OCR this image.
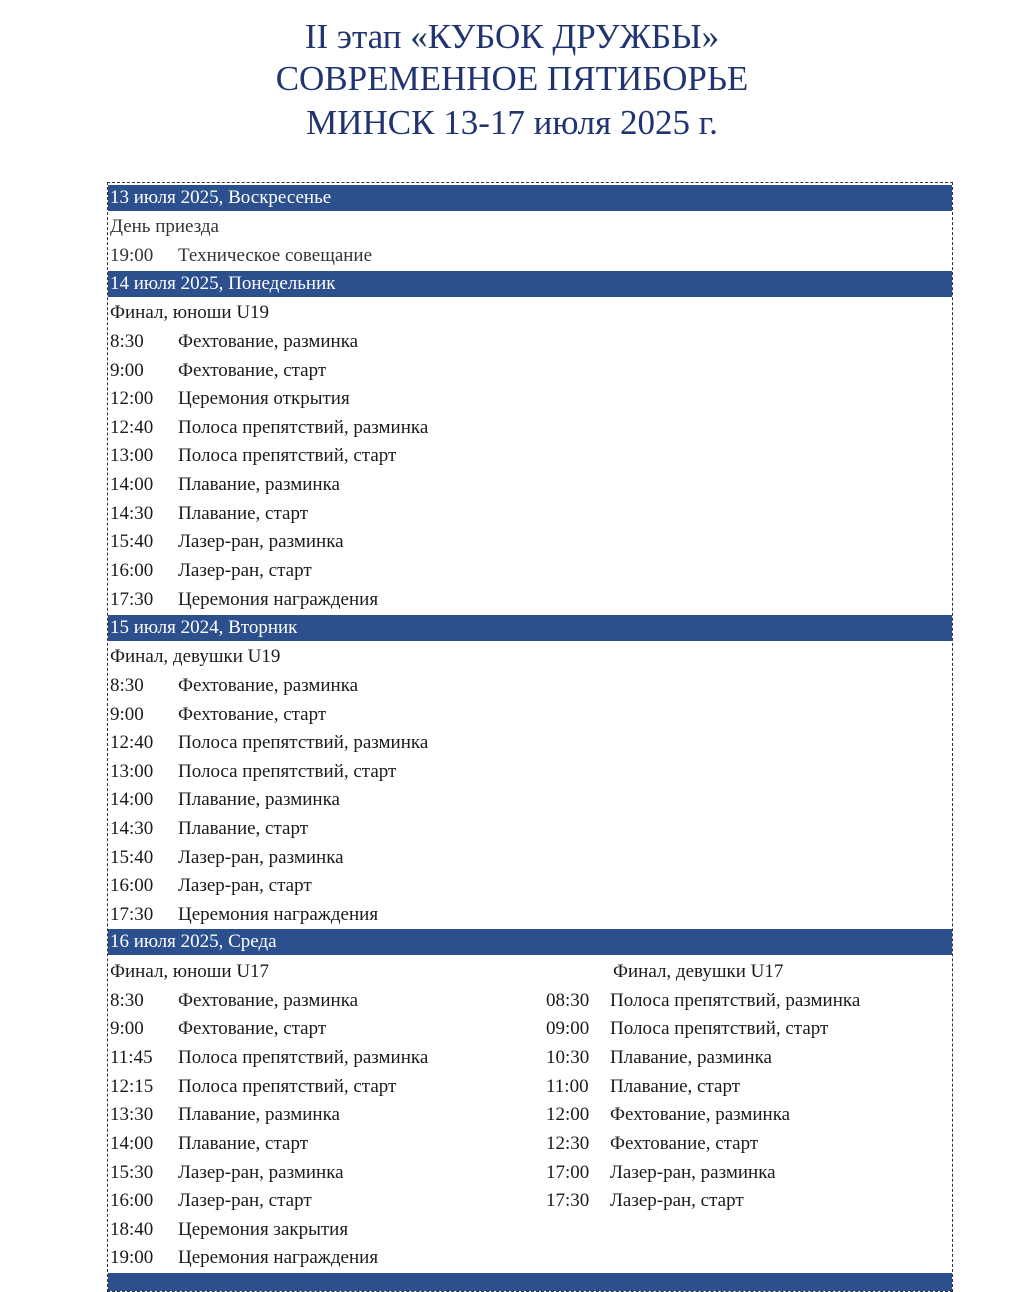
II этап «КУБОК ДРУЖБЫ»
СОВРЕМЕННОЕ ПЯТИБОРЬЕ
МИНСК 13-17 июля 2025 г.
13 июля 2025, Воскресенье
День приезда
19:00 Техническое совещание
14 июля 2025, Понедельник
Финал, юноши U19
8:30 Фехтование, разминка
9:00 Фехтование, старт
12:00 Церемония открытия
12:40 Полоса препятствий, разминка
13:00 Полоса препятствий, старт
14:00 Плавание, разминка
14:30 Плавание, старт
15:40 Лазер-ран, разминка
16:00 Лазер-ран, старт
17:30 Церемония награждения
15 июля 2024, Вторник
Финал, девушки U19
8:30 Фехтование, разминка
9:00 Фехтование, старт
12:40 Полоса препятствий, разминка
13:00 Полоса препятствий, старт
14:00 Плавание, разминка
14:30 Плавание, старт
15:40 Лазер-ран, разминка
16:00 Лазер-ран, старт
17:30 Церемония награждения
16 июля 2025, Среда
Финал, юноши U17	Финал, девушки U17
8:30 Фехтование, разминка	08:30 Полоса препятствий, разминка
9:00 Фехтование, старт	09:00 Полоса препятствий, старт
11:45 Полоса препятствий, разминка	10:30 Плавание, разминка
12:15 Полоса препятствий, старт	11:00 Плавание, старт
13:30 Плавание, разминка	12:00 Фехтование, разминка
14:00 Плавание, старт	12:30 Фехтование, старт
15:30 Лазер-ран, разминка	17:00 Лазер-ран, разминка
16:00 Лазер-ран, старт	17:30 Лазер-ран, старт
18:40 Церемония закрытия
19:00 Церемония награждения
